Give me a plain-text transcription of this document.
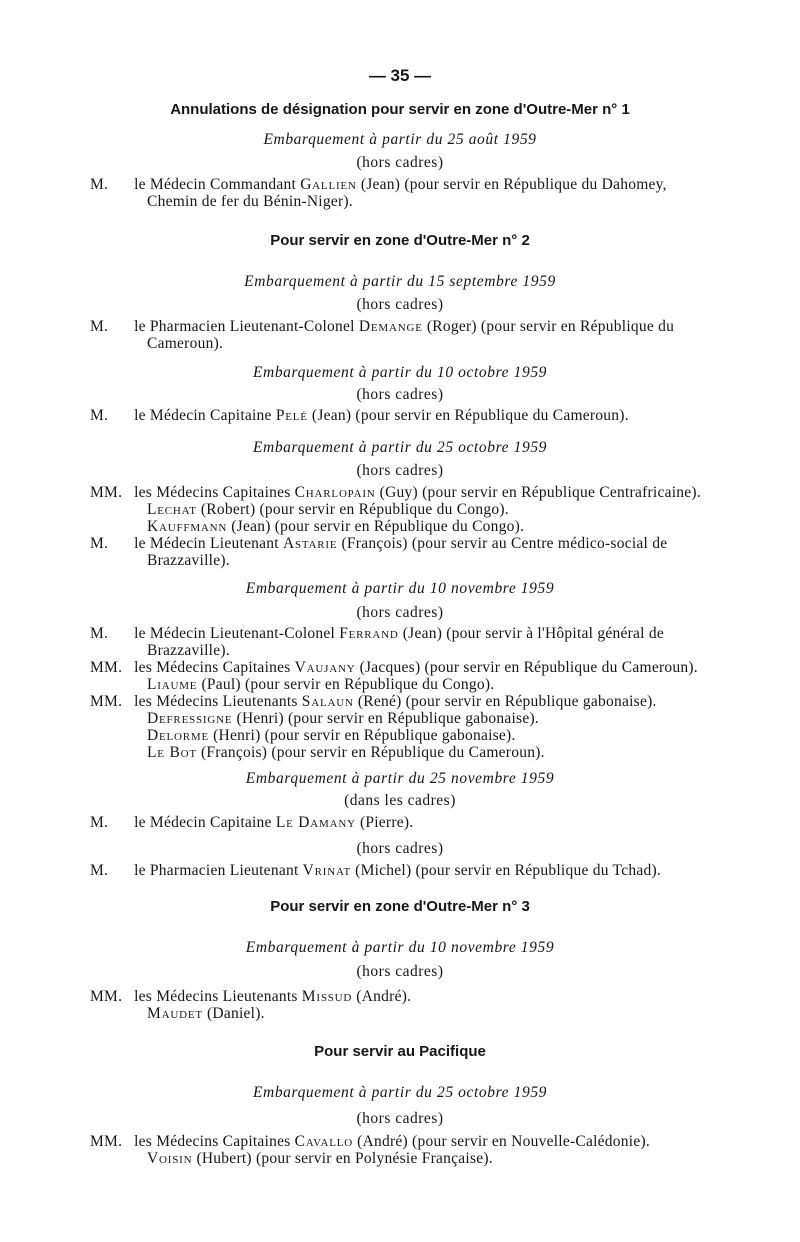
— 35 —
Annulations de désignation pour servir en zone d'Outre-Mer n° 1
Embarquement à partir du 25 août 1959
(hors cadres)
M. le Médecin Commandant Gallien (Jean) (pour servir en République du Dahomey,
Chemin de fer du Bénin-Niger).
Pour servir en zone d'Outre-Mer n° 2
Embarquement à partir du 15 septembre 1959
(hors cadres)
M. le Pharmacien Lieutenant-Colonel Demange (Roger) (pour servir en République du
Cameroun).
Embarquement à partir du 10 octobre 1959
(hors cadres)
M. le Médecin Capitaine Pelé (Jean) (pour servir en République du Cameroun).
Embarquement à partir du 25 octobre 1959
(hors cadres)
MM. les Médecins Capitaines Charlopain (Guy) (pour servir en République Centrafricaine).
Lechat (Robert) (pour servir en République du Congo).
Kauffmann (Jean) (pour servir en République du Congo).
M. le Médecin Lieutenant Astarie (François) (pour servir au Centre médico-social de
Brazzaville).
Embarquement à partir du 10 novembre 1959
(hors cadres)
M. le Médecin Lieutenant-Colonel Ferrand (Jean) (pour servir à l'Hôpital général de
Brazzaville).
MM. les Médecins Capitaines Vaujany (Jacques) (pour servir en République du Cameroun).
Liaume (Paul) (pour servir en République du Congo).
MM. les Médecins Lieutenants Salaun (René) (pour servir en République gabonaise).
Defressigne (Henri) (pour servir en République gabonaise).
Delorme (Henri) (pour servir en République gabonaise).
Le Bot (François) (pour servir en République du Cameroun).
Embarquement à partir du 25 novembre 1959
(dans les cadres)
M. le Médecin Capitaine Le Damany (Pierre).
(hors cadres)
M. le Pharmacien Lieutenant Vrinat (Michel) (pour servir en République du Tchad).
Pour servir en zone d'Outre-Mer n° 3
Embarquement à partir du 10 novembre 1959
(hors cadres)
MM. les Médecins Lieutenants Missud (André).
Maudet (Daniel).
Pour servir au Pacifique
Embarquement à partir du 25 octobre 1959
(hors cadres)
MM. les Médecins Capitaines Cavallo (André) (pour servir en Nouvelle-Calédonie).
Voisin (Hubert) (pour servir en Polynésie Française).
